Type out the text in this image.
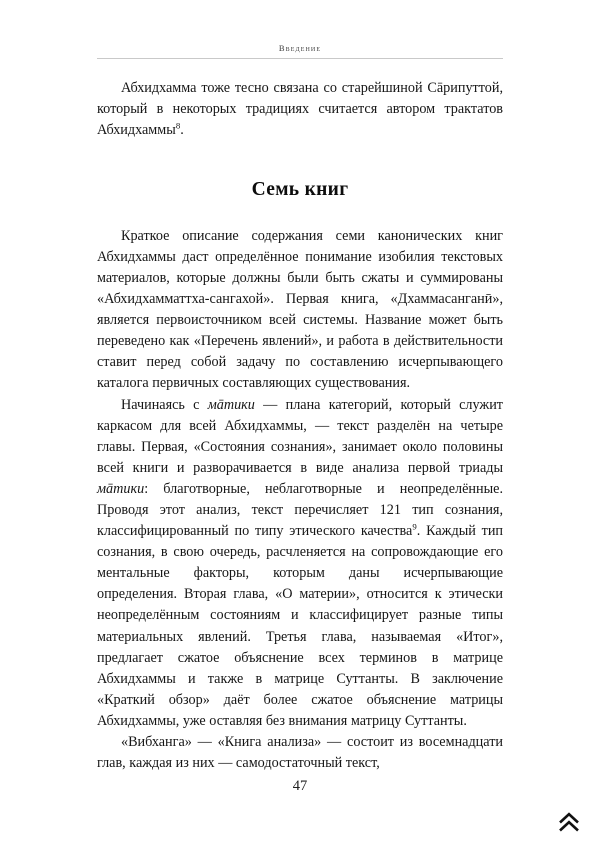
Введение

Абхидхамма тоже тесно связана со старейшиной Сāрипуттой, который в некоторых традициях считается автором трактатов Абхидхаммы$^8$.

Семь книг

Краткое описание содержания семи канонических книг Абхидхаммы даст определённое понимание изобилия текстовых материалов, которые должны были быть сжаты и суммированы «Абхидхамматтха-сангахой». Первая книга, «Дхаммасанганӣ», является первоисточником всей системы. Название может быть переведено как «Перечень явлений», и работа в действительности ставит перед собой задачу по составлению исчерпывающего каталога первичных составляющих существования.

Начинаясь с мāтики — плана категорий, который служит каркасом для всей Абхидхаммы, — текст разделён на четыре главы. Первая, «Состояния сознания», занимает около половины всей книги и разворачивается в виде анализа первой триады мāтики: благотворные, неблаготворные и неопределённые. Проводя этот анализ, текст перечисляет 121 тип сознания, классифицированный по типу этического качества$^9$. Каждый тип сознания, в свою очередь, расчленяется на сопровождающие его ментальные факторы, которым даны исчерпывающие определения. Вторая глава, «О материи», относится к этически неопределённым состояниям и классифицирует разные типы материальных явлений. Третья глава, называемая «Итог», предлагает сжатое объяснение всех терминов в матрице Абхидхаммы и также в матрице Суттанты. В заключение «Краткий обзор» даёт более сжатое объяснение матрицы Абхидхаммы, уже оставляя без внимания матрицу Суттанты.

«Вибханга» — «Книга анализа» — состоит из восемнадцати глав, каждая из них — самодостаточный текст,

47
